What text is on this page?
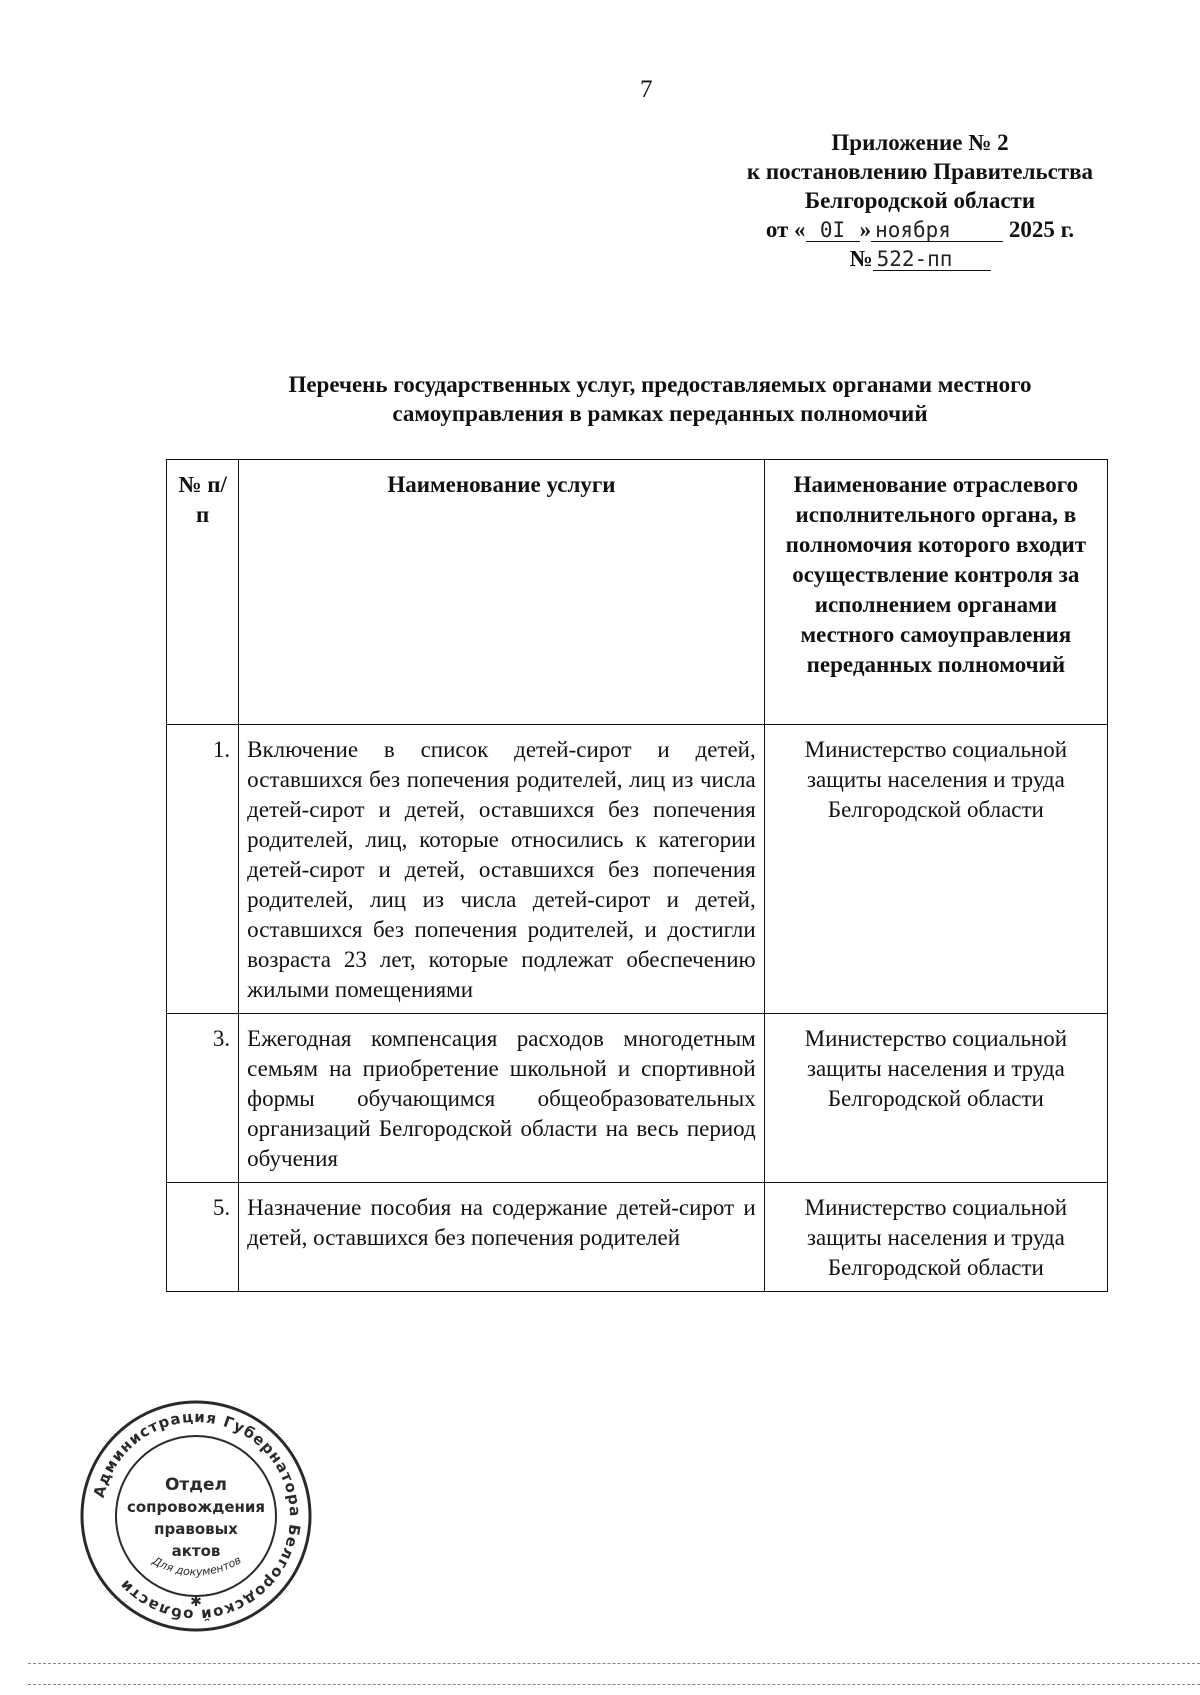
7
Приложение № 2
к постановлению Правительства
Белгородской области
от « 0I » ноября	2025 г.
№ 522-пп
Перечень государственных услуг, предоставляемых органами местного
самоуправления в рамках переданных полномочий
№ п/п	Наименование услуги	Наименование отраслевого исполнительного органа, в полномочия которого входит осуществление контроля за исполнением органами местного самоуправления переданных полномочий
1.	Включение в список детей-сирот и детей, оставшихся без попечения родителей, лиц из числа детей-сирот и детей, оставшихся без попечения родителей, лиц, которые относились к категории детей-сирот и детей, оставшихся без попечения родителей, лиц из числа детей-сирот и детей, оставшихся без попечения родителей, и достигли возраста 23 лет, которые подлежат обеспечению жилыми помещениями	Министерство социальной защиты населения и труда Белгородской области
3.	Ежегодная компенсация расходов многодетным семьям на приобретение школьной и спортивной формы обучающимся общеобразовательных организаций Белгородской области на весь период обучения	Министерство социальной защиты населения и труда Белгородской области
5.	Назначение пособия на содержание детей-сирот и детей, оставшихся без попечения родителей	Министерство социальной защиты населения и труда Белгородской области
Администрация Губернатора Белгородской области
Отдел
сопровождения
правовых
актов
Для документов
✱
